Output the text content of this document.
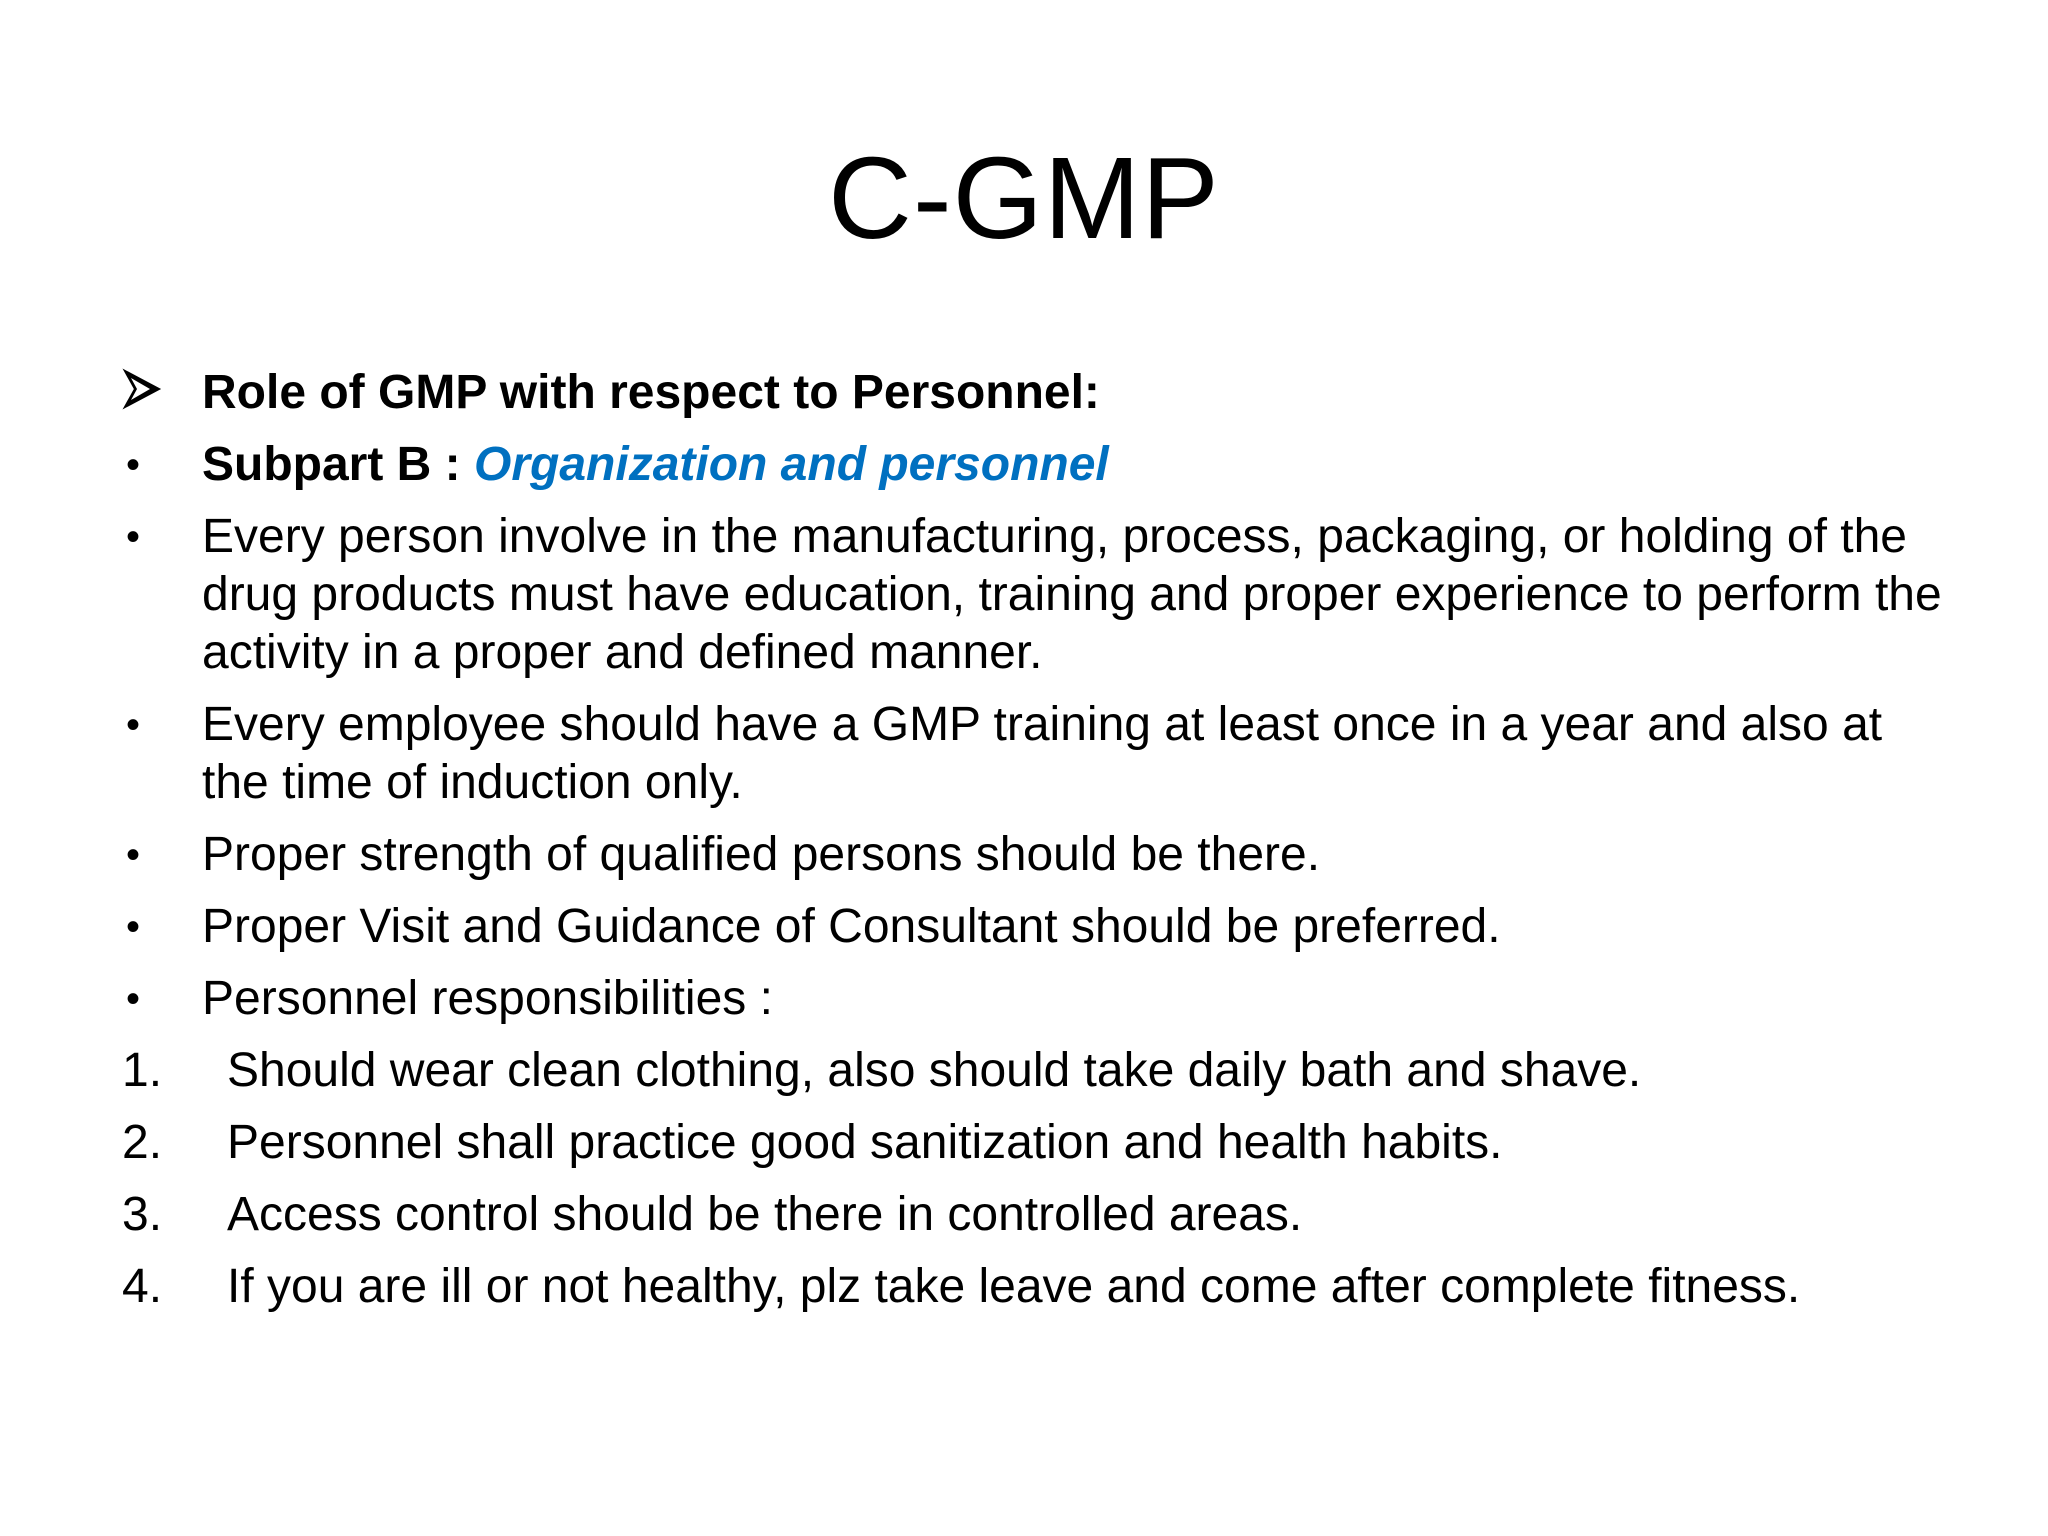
C-GMP
Role of GMP with respect to Personnel:
• Subpart B : Organization and personnel
• Every person involve in the manufacturing, process, packaging, or holding of the drug products must have education, training and proper experience to perform the activity in a proper and defined manner.
• Every employee should have a GMP training at least once in a year and also at the time of induction only.
• Proper strength of qualified persons should be there.
• Proper Visit and Guidance of Consultant should be preferred.
• Personnel responsibilities :
1. Should wear clean clothing, also should take daily bath and shave.
2. Personnel shall practice good sanitization and health habits.
3. Access control should be there in controlled areas.
4. If you are ill or not healthy, plz take leave and come after complete fitness.
